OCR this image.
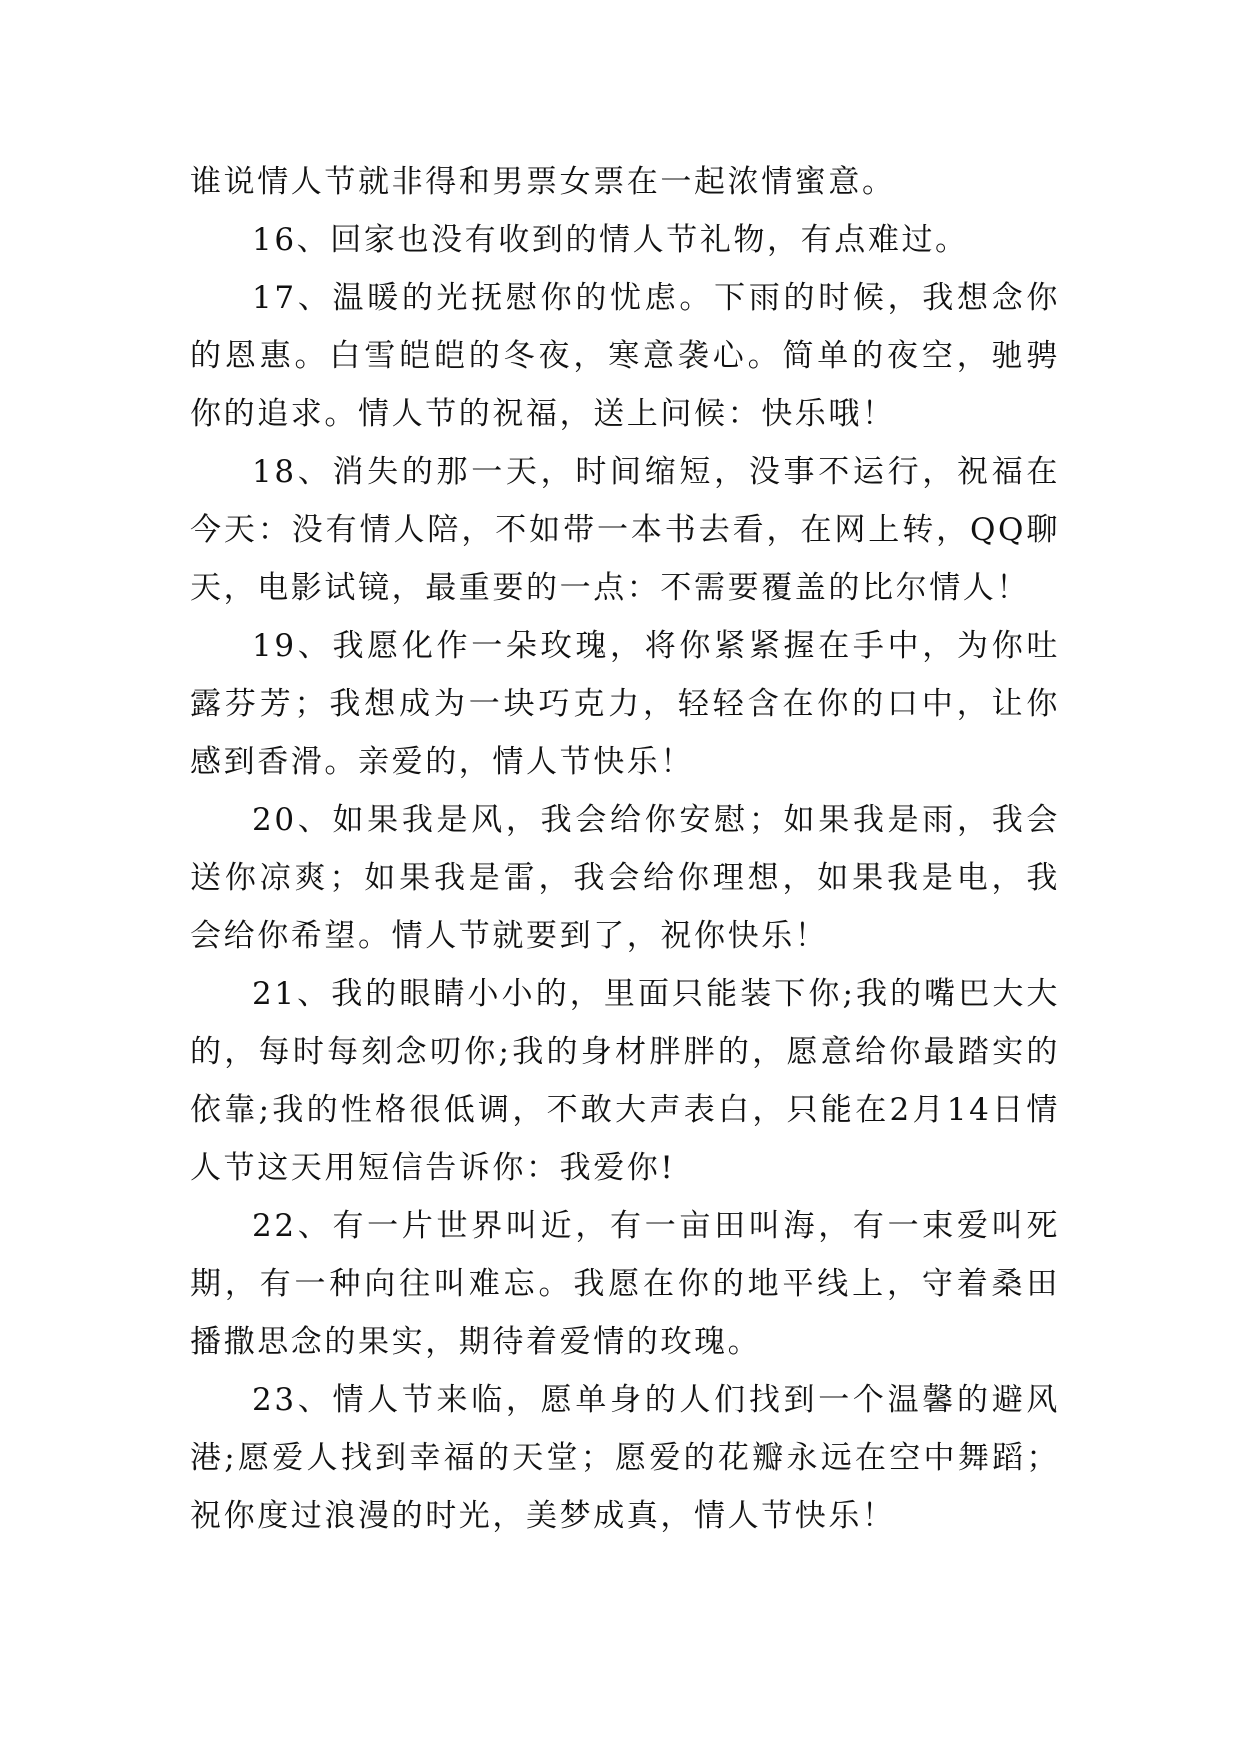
谁说情人节就非得和男票女票在一起浓情蜜意。

16、回家也没有收到的情人节礼物，有点难过。

17、温暖的光抚慰你的忧虑。下雨的时候，我想念你的恩惠。白雪皑皑的冬夜，寒意袭心。简单的夜空，驰骋你的追求。情人节的祝福，送上问候：快乐哦！

18、消失的那一天，时间缩短，没事不运行，祝福在今天：没有情人陪，不如带一本书去看，在网上转，QQ聊天，电影试镜，最重要的一点：不需要覆盖的比尔情人！

19、我愿化作一朵玫瑰，将你紧紧握在手中，为你吐露芬芳；我想成为一块巧克力，轻轻含在你的口中，让你感到香滑。亲爱的，情人节快乐！

20、如果我是风，我会给你安慰；如果我是雨，我会送你凉爽；如果我是雷，我会给你理想，如果我是电，我会给你希望。情人节就要到了，祝你快乐！

21、我的眼睛小小的，里面只能装下你;我的嘴巴大大的，每时每刻念叨你;我的身材胖胖的，愿意给你最踏实的依靠;我的性格很低调，不敢大声表白，只能在2月14日情人节这天用短信告诉你：我爱你!

22、有一片世界叫近，有一亩田叫海，有一束爱叫死期，有一种向往叫难忘。我愿在你的地平线上，守着桑田播撒思念的果实，期待着爱情的玫瑰。

23、情人节来临，愿单身的人们找到一个温馨的避风港;愿爱人找到幸福的天堂；愿爱的花瓣永远在空中舞蹈；祝你度过浪漫的时光，美梦成真，情人节快乐！
